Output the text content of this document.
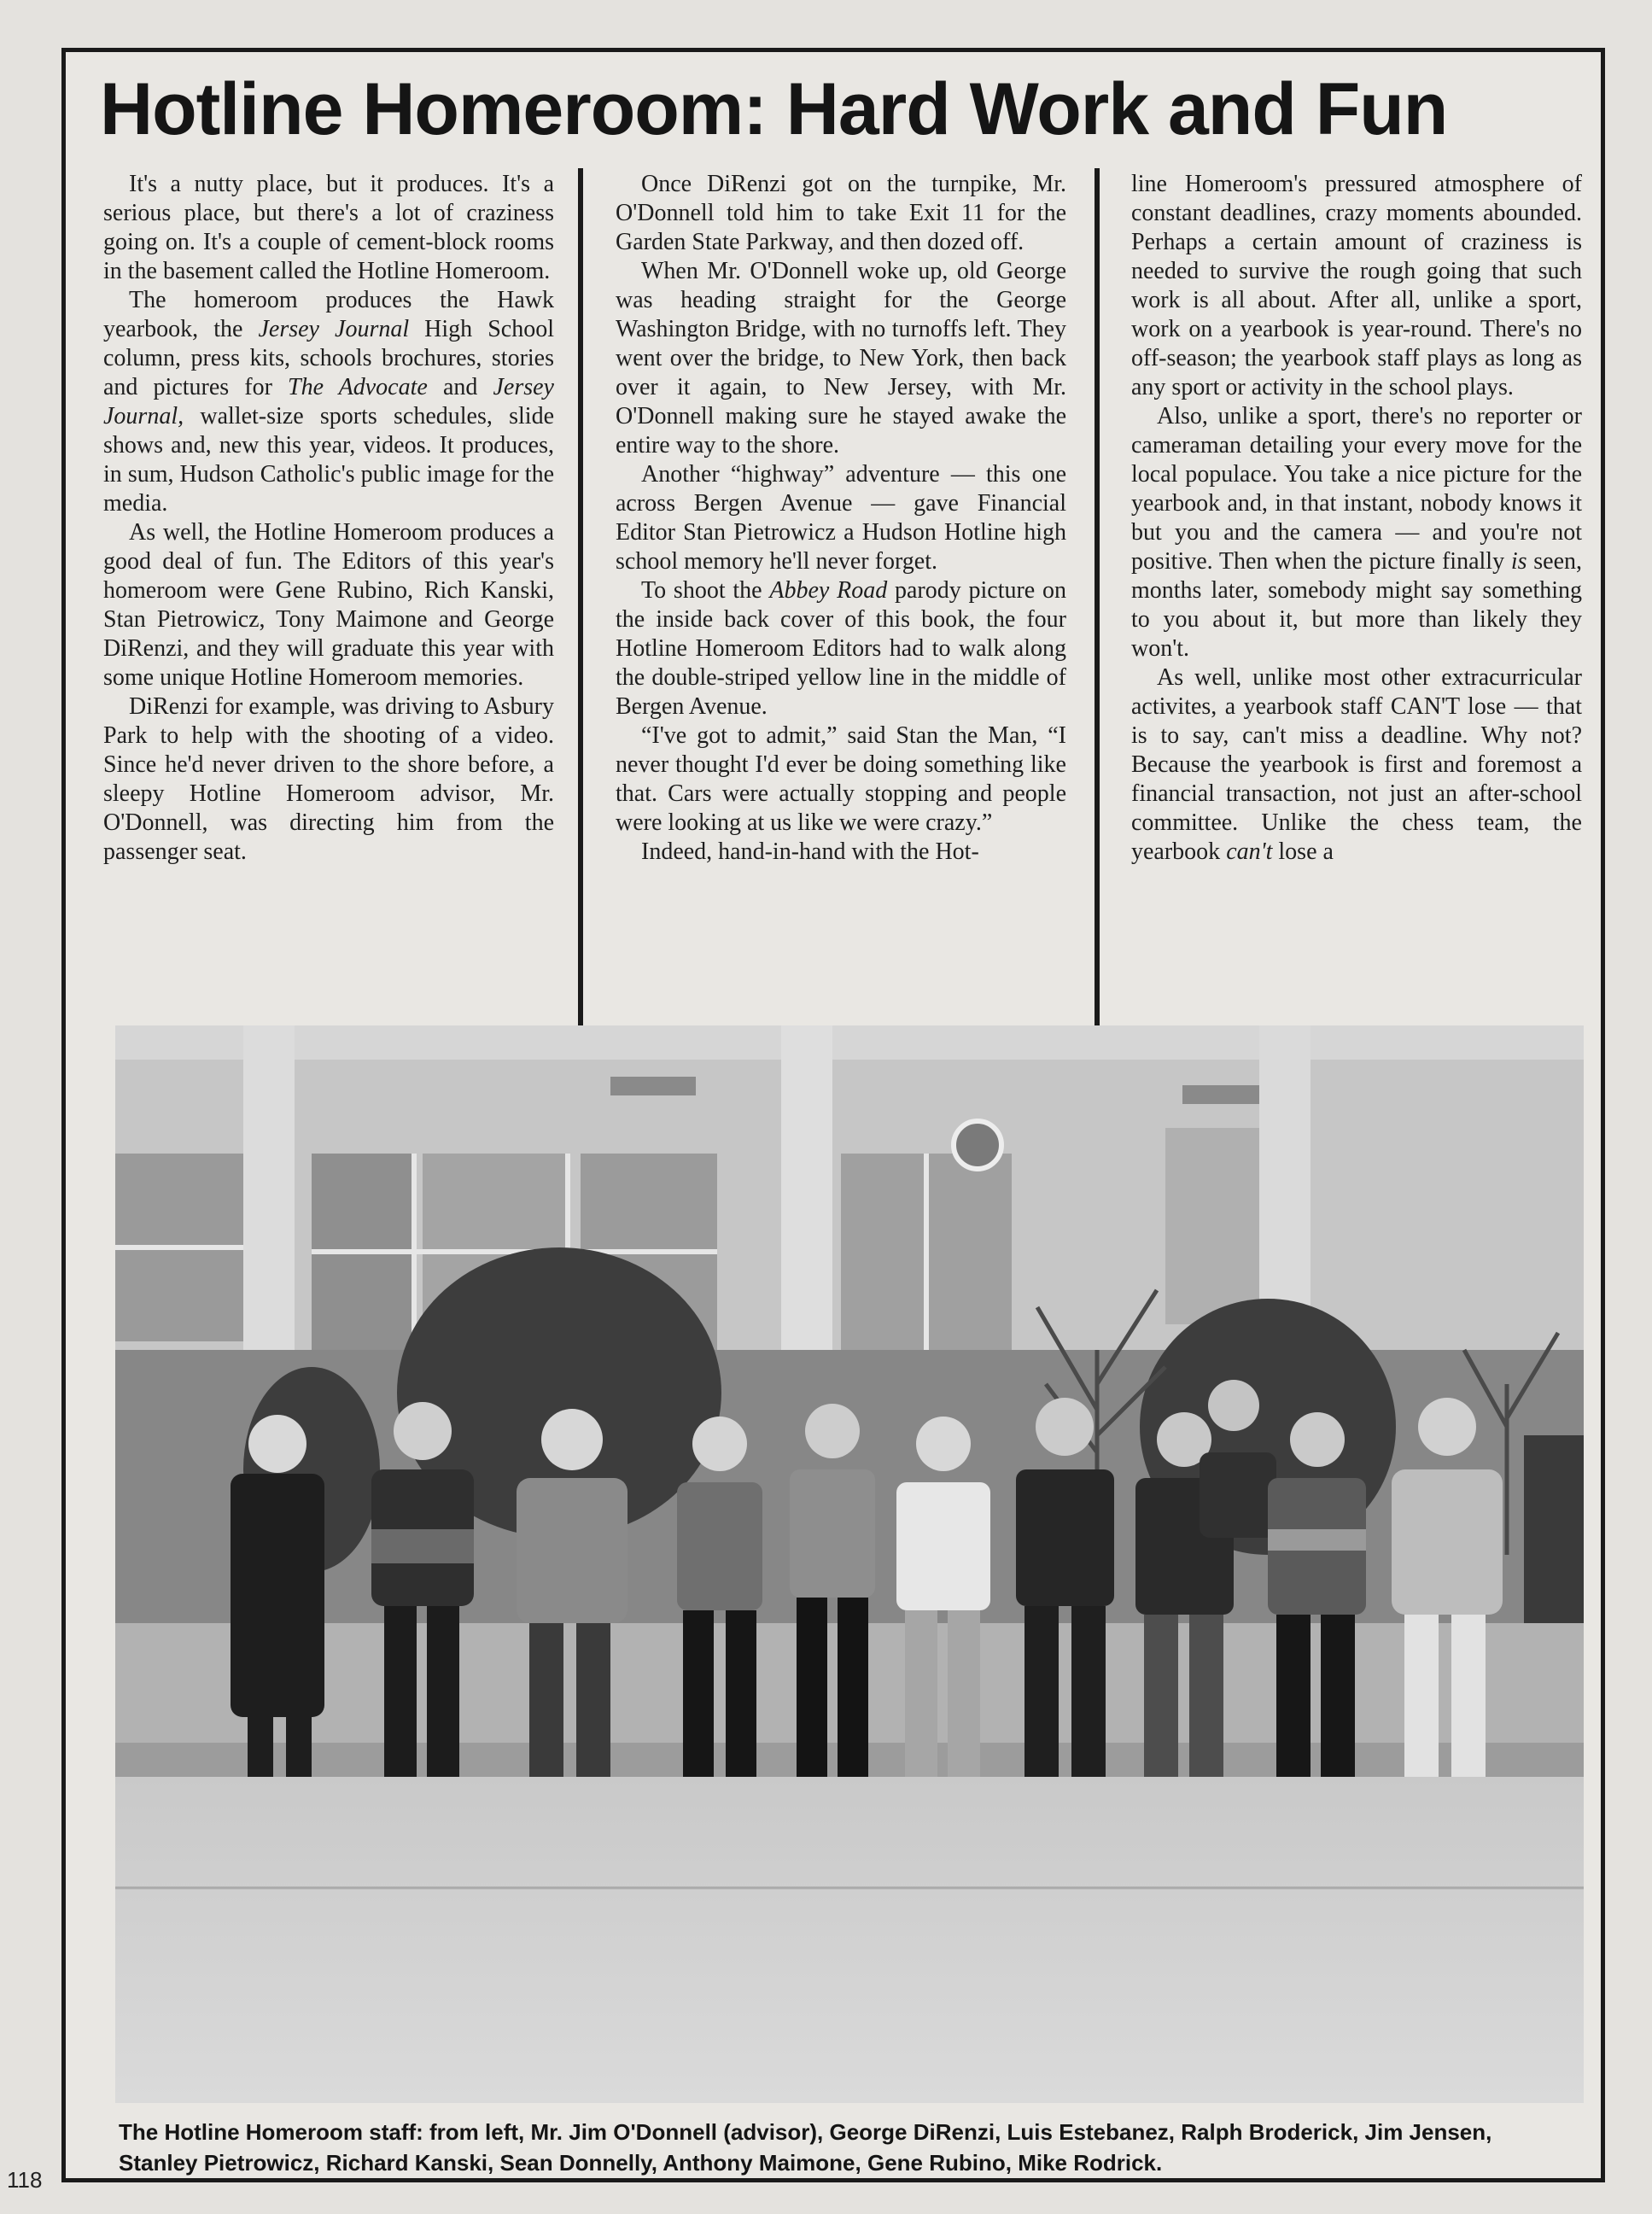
Hotline Homeroom: Hard Work and Fun

It's a nutty place, but it produces. It's a serious place, but there's a lot of craziness going on. It's a couple of cement-block rooms in the basement called the Hotline Homeroom.

The homeroom produces the Hawk yearbook, the Jersey Journal High School column, press kits, schools brochures, stories and pictures for The Advocate and Jersey Journal, wallet-size sports schedules, slide shows and, new this year, videos. It produces, in sum, Hudson Catholic's public image for the media.

As well, the Hotline Homeroom produces a good deal of fun. The Editors of this year's homeroom were Gene Rubino, Rich Kanski, Stan Pietrowicz, Tony Maimone and George DiRenzi, and they will graduate this year with some unique Hotline Homeroom memories.

DiRenzi for example, was driving to Asbury Park to help with the shooting of a video. Since he'd never driven to the shore before, a sleepy Hotline Homeroom advisor, Mr. O'Donnell, was directing him from the passenger seat.

Once DiRenzi got on the turnpike, Mr. O'Donnell told him to take Exit 11 for the Garden State Parkway, and then dozed off.

When Mr. O'Donnell woke up, old George was heading straight for the George Washington Bridge, with no turnoffs left. They went over the bridge, to New York, then back over it again, to New Jersey, with Mr. O'Donnell making sure he stayed awake the entire way to the shore.

Another “highway” adventure — this one across Bergen Avenue — gave Financial Editor Stan Pietrowicz a Hudson Hotline high school memory he'll never forget.

To shoot the Abbey Road parody picture on the inside back cover of this book, the four Hotline Homeroom Editors had to walk along the double-striped yellow line in the middle of Bergen Avenue.

“I've got to admit,” said Stan the Man, “I never thought I'd ever be doing something like that. Cars were actually stopping and people were looking at us like we were crazy.”

Indeed, hand-in-hand with the Hot-

line Homeroom's pressured atmosphere of constant deadlines, crazy moments abounded. Perhaps a certain amount of craziness is needed to survive the rough going that such work is all about. After all, unlike a sport, work on a yearbook is year-round. There's no off-season; the yearbook staff plays as long as any sport or activity in the school plays.

Also, unlike a sport, there's no reporter or cameraman detailing your every move for the local populace. You take a nice picture for the yearbook and, in that instant, nobody knows it but you and the camera — and you're not positive. Then when the picture finally is seen, months later, somebody might say something to you about it, but more than likely they won't.

As well, unlike most other extracurricular activites, a yearbook staff CAN'T lose — that is to say, can't miss a deadline. Why not? Because the yearbook is first and foremost a financial transaction, not just an after-school committee. Unlike the chess team, the yearbook can't lose a

The Hotline Homeroom staff: from left, Mr. Jim O'Donnell (advisor), George DiRenzi, Luis Estebanez, Ralph Broderick, Jim Jensen, Stanley Pietrowicz, Richard Kanski, Sean Donnelly, Anthony Maimone, Gene Rubino, Mike Rodrick.

118
